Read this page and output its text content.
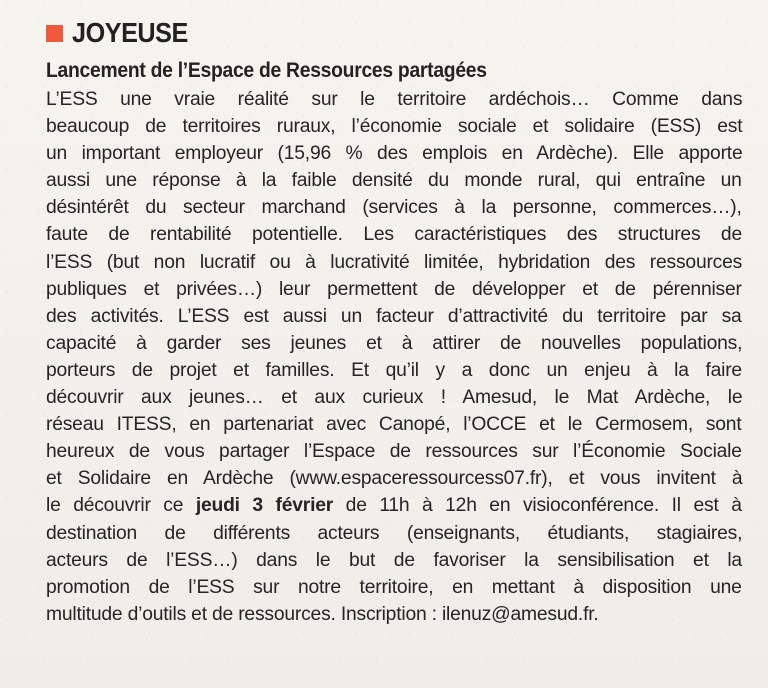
JOYEUSE
Lancement de l’Espace de Ressources partagées
L’ESS une vraie réalité sur le territoire ardéchois… Comme dans
beaucoup de territoires ruraux, l’économie sociale et solidaire (ESS) est
un important employeur (15,96 % des emplois en Ardèche). Elle apporte
aussi une réponse à la faible densité du monde rural, qui entraîne un
désintérêt du secteur marchand (services à la personne, commerces…),
faute de rentabilité potentielle. Les caractéristiques des structures de
l’ESS (but non lucratif ou à lucrativité limitée, hybridation des ressources
publiques et privées…) leur permettent de développer et de pérenniser
des activités. L’ESS est aussi un facteur d’attractivité du territoire par sa
capacité à garder ses jeunes et à attirer de nouvelles populations,
porteurs de projet et familles. Et qu’il y a donc un enjeu à la faire
découvrir aux jeunes… et aux curieux ! Amesud, le Mat Ardèche, le
réseau ITESS, en partenariat avec Canopé, l’OCCE et le Cermosem, sont
heureux de vous partager l’Espace de ressources sur l’Économie Sociale
et Solidaire en Ardèche (www.espaceressourcess07.fr), et vous invitent à
le découvrir ce jeudi 3 février de 11h à 12h en visioconférence. Il est à
destination de différents acteurs (enseignants, étudiants, stagiaires,
acteurs de l’ESS…) dans le but de favoriser la sensibilisation et la
promotion de l’ESS sur notre territoire, en mettant à disposition une
multitude d’outils et de ressources. Inscription : ilenuz@amesud.fr.
